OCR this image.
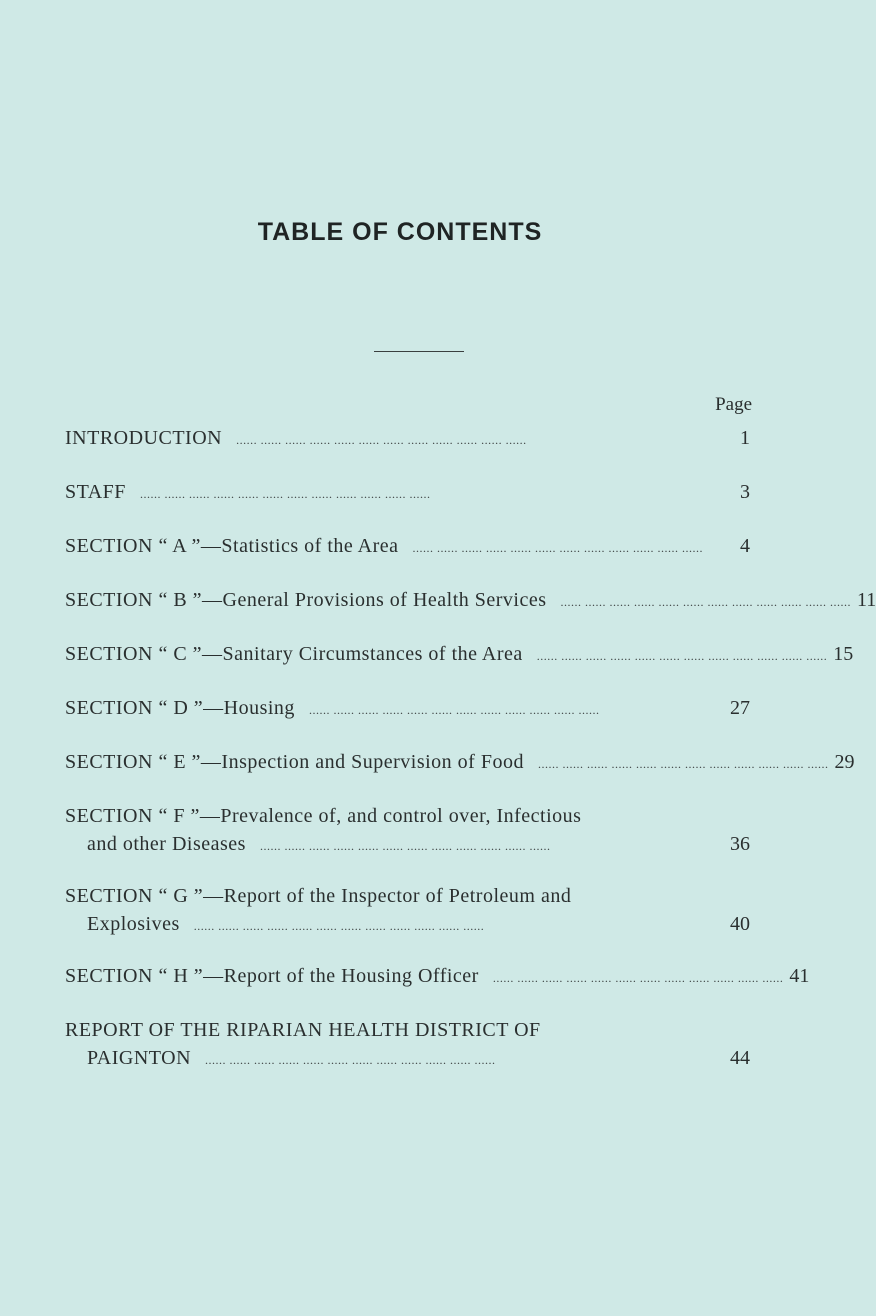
TABLE OF CONTENTS
Page
INTRODUCTION ...... ...... ...... ...... ...... ...... ...... ...... ...... ...... ...... ......	1
STAFF ...... ...... ...... ...... ...... ...... ...... ...... ...... ...... ...... ......	3
SECTION “ A ”—Statistics of the Area ...... ...... ...... ...... ...... ...... ...... ...... ...... ...... ...... ......	4
SECTION “ B ”—General Provisions of Health Services ...... ...... ...... ...... ...... ...... ...... ...... ...... ...... ...... ...... 11
SECTION “ C ”—Sanitary Circumstances of the Area ...... ...... ...... ...... ...... ...... ...... ...... ...... ...... ...... ...... 15
SECTION “ D ”—Housing ...... ...... ...... ...... ...... ...... ...... ...... ...... ...... ...... ......	27
SECTION “ E ”—Inspection and Supervision of Food ...... ...... ...... ...... ...... ...... ...... ...... ...... ...... ...... ...... 29
SECTION “ F ”—Prevalence of, and control over, Infectious
and other Diseases ...... ...... ...... ...... ...... ...... ...... ...... ...... ...... ...... ......	36
SECTION “ G ”—Report of the Inspector of Petroleum and
Explosives ...... ...... ...... ...... ...... ...... ...... ...... ...... ...... ...... ......	40
SECTION “ H ”—Report of the Housing Officer ...... ...... ...... ...... ...... ...... ...... ...... ...... ...... ...... ...... 41
REPORT OF THE RIPARIAN HEALTH DISTRICT OF
PAIGNTON ...... ...... ...... ...... ...... ...... ...... ...... ...... ...... ...... ......	44
